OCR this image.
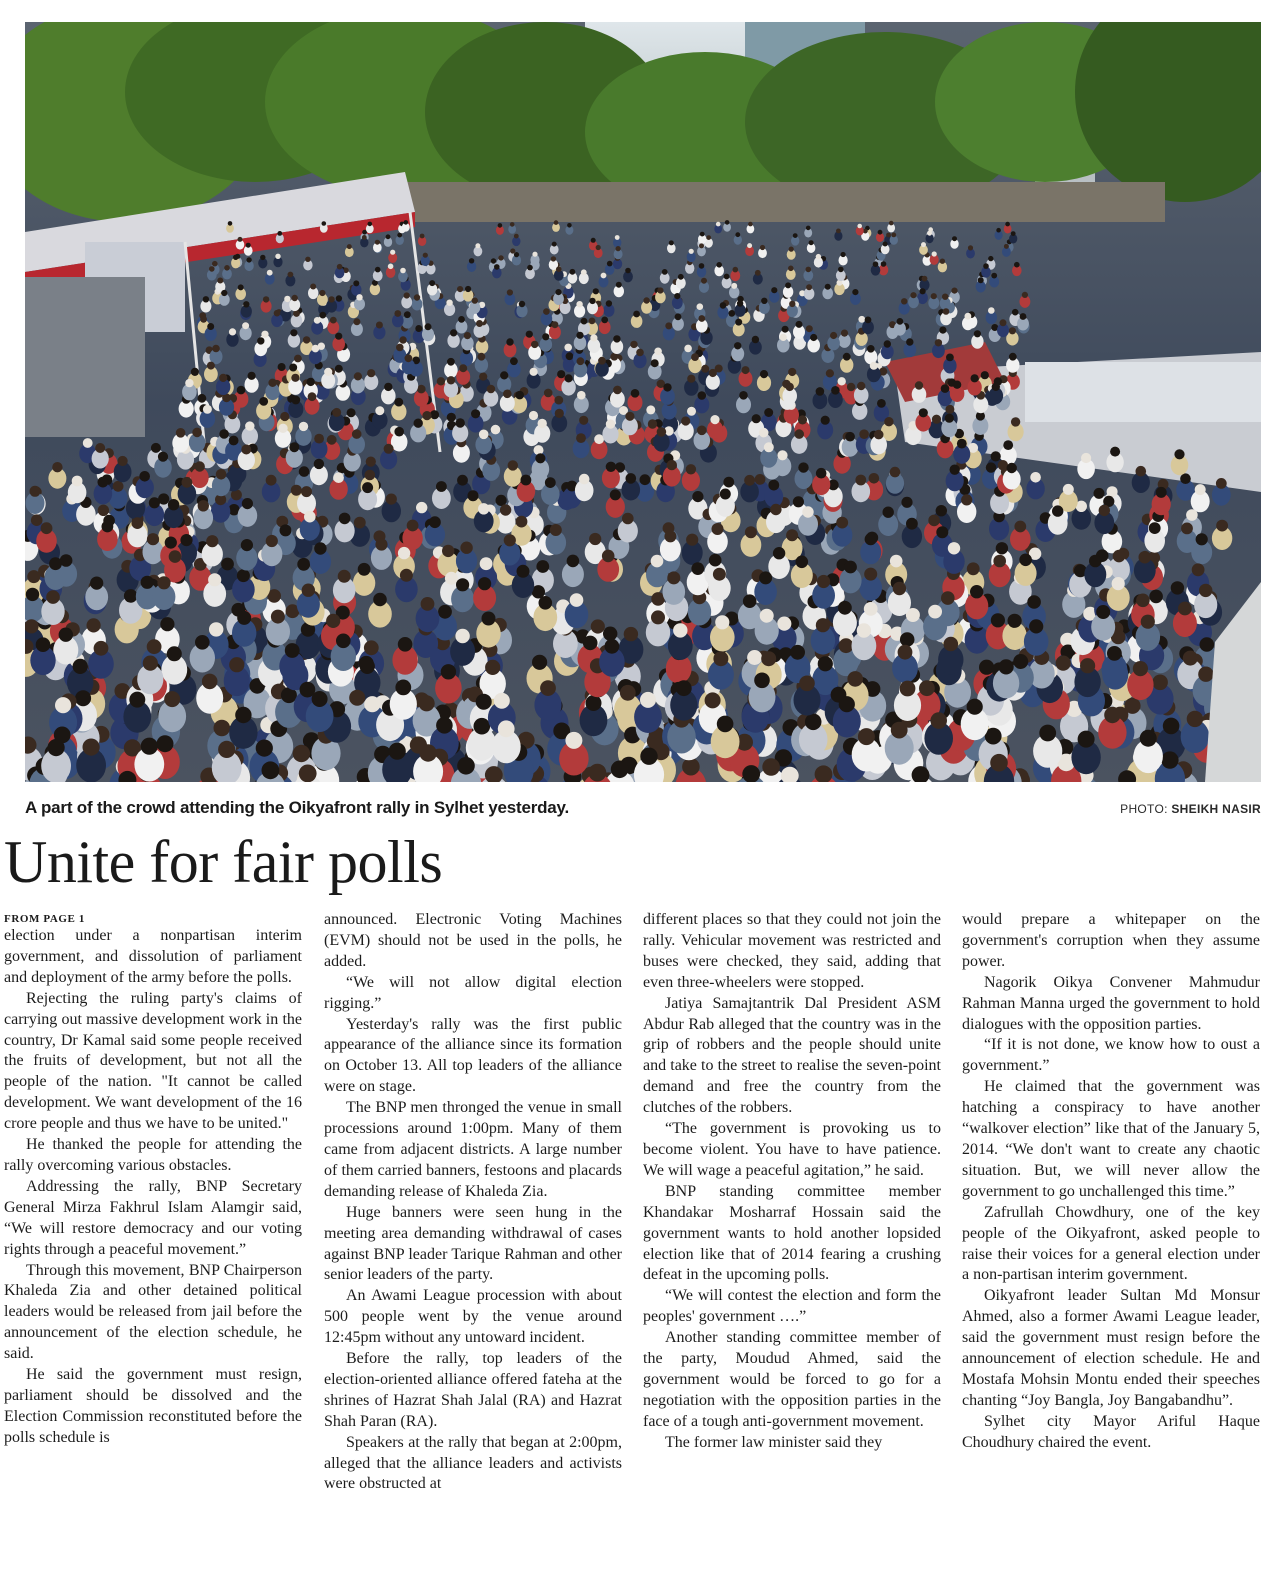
A part of the crowd attending the Oikyafront rally in Sylhet yesterday.	PHOTO: SHEIKH NASIR
Unite for fair polls
FROM PAGE 1

election under a nonpartisan interim government, and dissolution of parliament and deployment of the army before the polls.

Rejecting the ruling party's claims of carrying out massive development work in the country, Dr Kamal said some people received the fruits of development, but not all the people of the nation. "It cannot be called development. We want development of the 16 crore people and thus we have to be united."

He thanked the people for attending the rally overcoming various obstacles.

Addressing the rally, BNP Secretary General Mirza Fakhrul Islam Alamgir said, “We will restore democracy and our voting rights through a peaceful movement.”

Through this movement, BNP Chairperson Khaleda Zia and other detained political leaders would be released from jail before the announcement of the election schedule, he said.

He said the government must resign, parliament should be dissolved and the Election Commission reconstituted before the polls schedule is

announced. Electronic Voting Machines (EVM) should not be used in the polls, he added.

“We will not allow digital election rigging.”

Yesterday's rally was the first public appearance of the alliance since its formation on October 13. All top leaders of the alliance were on stage.

The BNP men thronged the venue in small processions around 1:00pm. Many of them came from adjacent districts. A large number of them carried banners, festoons and placards demanding release of Khaleda Zia.

Huge banners were seen hung in the meeting area demanding withdrawal of cases against BNP leader Tarique Rahman and other senior leaders of the party.

An Awami League procession with about 500 people went by the venue around 12:45pm without any untoward incident.

Before the rally, top leaders of the election-oriented alliance offered fateha at the shrines of Hazrat Shah Jalal (RA) and Hazrat Shah Paran (RA).

Speakers at the rally that began at 2:00pm, alleged that the alliance leaders and activists were obstructed at

different places so that they could not join the rally. Vehicular movement was restricted and buses were checked, they said, adding that even three-wheelers were stopped.

Jatiya Samajtantrik Dal President ASM Abdur Rab alleged that the country was in the grip of robbers and the people should unite and take to the street to realise the seven-point demand and free the country from the clutches of the robbers.

“The government is provoking us to become violent. You have to have patience. We will wage a peaceful agitation,” he said.

BNP standing committee member Khandakar Mosharraf Hossain said the government wants to hold another lopsided election like that of 2014 fearing a crushing defeat in the upcoming polls.

“We will contest the election and form the peoples' government ….”

Another standing committee member of the party, Moudud Ahmed, said the government would be forced to go for a negotiation with the opposition parties in the face of a tough anti-government movement.

The former law minister said they

would prepare a whitepaper on the government's corruption when they assume power.

Nagorik Oikya Convener Mahmudur Rahman Manna urged the government to hold dialogues with the opposition parties.

“If it is not done, we know how to oust a government.”

He claimed that the government was hatching a conspiracy to have another “walkover election” like that of the January 5, 2014. “We don't want to create any chaotic situation. But, we will never allow the government to go unchallenged this time.”

Zafrullah Chowdhury, one of the key people of the Oikyafront, asked people to raise their voices for a general election under a non-partisan interim government.

Oikyafront leader Sultan Md Monsur Ahmed, also a former Awami League leader, said the government must resign before the announcement of election schedule. He and Mostafa Mohsin Montu ended their speeches chanting “Joy Bangla, Joy Bangabandhu”.

Sylhet city Mayor Ariful Haque Choudhury chaired the event.
